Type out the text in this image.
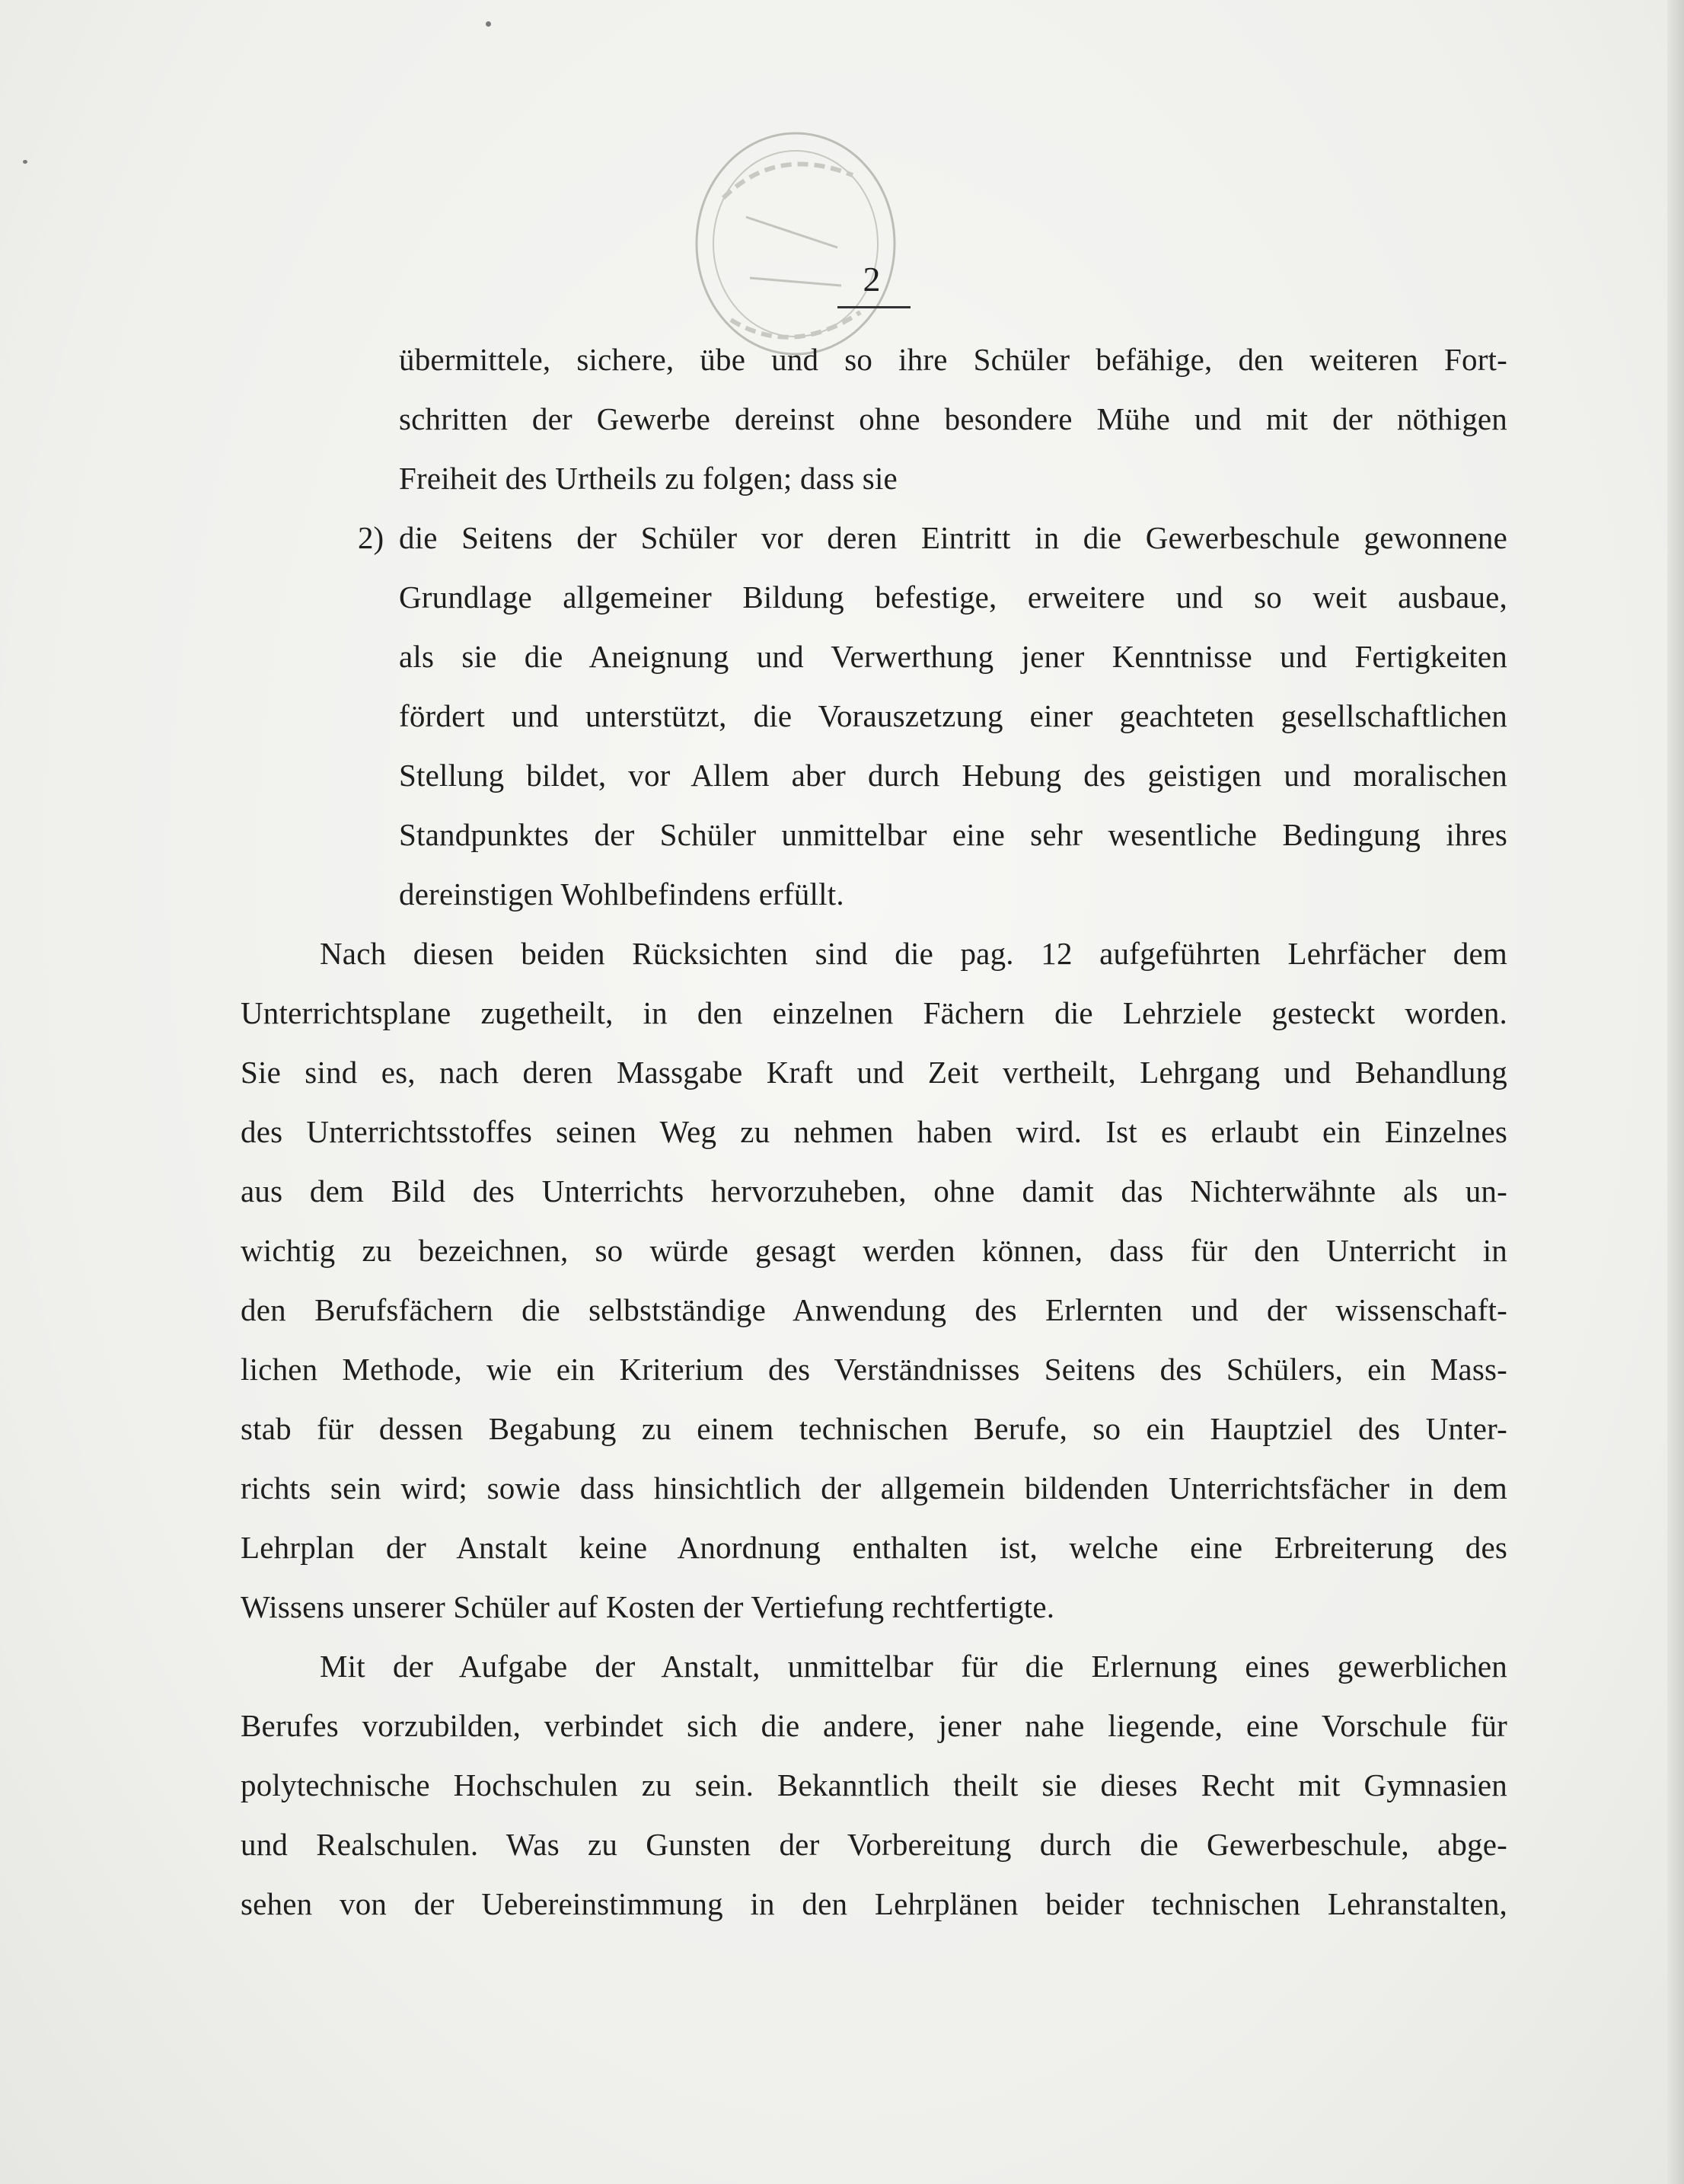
2
übermittele, sichere, übe und so ihre Schüler befähige, den weiteren Fort-
schritten der Gewerbe dereinst ohne besondere Mühe und mit der nöthigen
Freiheit des Urtheils zu folgen; dass sie
2) die Seitens der Schüler vor deren Eintritt in die Gewerbeschule gewonnene
Grundlage allgemeiner Bildung befestige, erweitere und so weit ausbaue,
als sie die Aneignung und Verwerthung jener Kenntnisse und Fertigkeiten
fördert und unterstützt, die Vorauszetzung einer geachteten gesellschaftlichen
Stellung bildet, vor Allem aber durch Hebung des geistigen und moralischen
Standpunktes der Schüler unmittelbar eine sehr wesentliche Bedingung ihres
dereinstigen Wohlbefindens erfüllt.
Nach diesen beiden Rücksichten sind die pag. 12 aufgeführten Lehrfächer dem
Unterrichtsplane zugetheilt, in den einzelnen Fächern die Lehrziele gesteckt worden.
Sie sind es, nach deren Massgabe Kraft und Zeit vertheilt, Lehrgang und Behandlung
des Unterrichtsstoffes seinen Weg zu nehmen haben wird. Ist es erlaubt ein Einzelnes
aus dem Bild des Unterrichts hervorzuheben, ohne damit das Nichterwähnte als un-
wichtig zu bezeichnen, so würde gesagt werden können, dass für den Unterricht in
den Berufsfächern die selbstständige Anwendung des Erlernten und der wissenschaft-
lichen Methode, wie ein Kriterium des Verständnisses Seitens des Schülers, ein Mass-
stab für dessen Begabung zu einem technischen Berufe, so ein Hauptziel des Unter-
richts sein wird; sowie dass hinsichtlich der allgemein bildenden Unterrichtsfächer in dem
Lehrplan der Anstalt keine Anordnung enthalten ist, welche eine Erbreiterung des
Wissens unserer Schüler auf Kosten der Vertiefung rechtfertigte.
Mit der Aufgabe der Anstalt, unmittelbar für die Erlernung eines gewerblichen
Berufes vorzubilden, verbindet sich die andere, jener nahe liegende, eine Vorschule für
polytechnische Hochschulen zu sein. Bekanntlich theilt sie dieses Recht mit Gymnasien
und Realschulen. Was zu Gunsten der Vorbereitung durch die Gewerbeschule, abge-
sehen von der Uebereinstimmung in den Lehrplänen beider technischen Lehranstalten,
